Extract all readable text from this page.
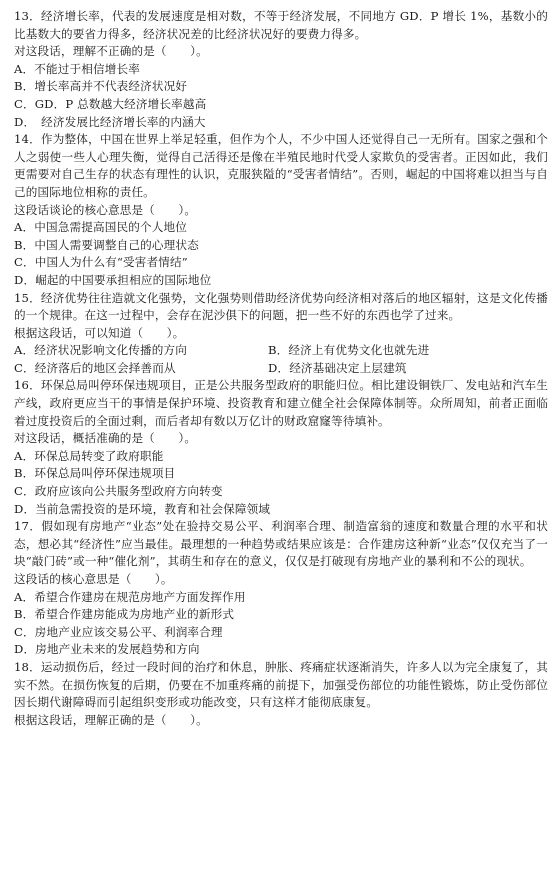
13．经济增长率，代表的发展速度是相对数，不等于经济发展，不同地方 GD．P 增长 1%，基数小的比基数大的要省力得多，经济状况差的比经济状况好的要费力得多。

对这段话，理解不正确的是（　　）。

A．不能过于相信增长率

B．增长率高并不代表经济状况好

C．GD．P 总数越大经济增长率越高

D．　经济发展比经济增长率的内涵大

14．作为整体，中国在世界上举足轻重，但作为个人，不少中国人还觉得自己一无所有。国家之强和个人之弱使一些人心理失衡，觉得自己活得还是像在半殖民地时代受人家欺负的受害者。正因如此，我们更需要对自己生存的状态有理性的认识，克服狭隘的“受害者情结”。否则，崛起的中国将难以担当与自己的国际地位相称的责任。

这段话谈论的核心意思是（　　）。

A．中国急需提高国民的个人地位

B．中国人需要调整自己的心理状态

C．中国人为什么有“受害者情结”

D．崛起的中国要承担相应的国际地位

15．经济优势往往造就文化强势，文化强势则借助经济优势向经济相对落后的地区辐射，这是文化传播的一个规律。在这一过程中，会存在泥沙俱下的问题，把一些不好的东西也学了过来。

根据这段话，可以知道（　　）。

A．经济状况影响文化传播的方向	B．经济上有优势文化也就先进

C．经济落后的地区会择善而从	D．经济基础决定上层建筑

16．环保总局叫停环保违规项目，正是公共服务型政府的职能归位。相比建设铜铁厂、发电站和汽车生产线，政府更应当干的事情是保护环境、投资教育和建立健全社会保障体制等。众所周知，前者正面临着过度投资后的全面过剩，而后者却有数以万亿计的财政窟窿等待填补。

对这段话，概括准确的是（　　）。

A．环保总局转变了政府职能

B．环保总局叫停环保违规项目

C．政府应该向公共服务型政府方向转变

D．当前急需投资的是环境，教育和社会保障领域

17．假如现有房地产“业态”处在验持交易公平、利润率合理、制造富翁的速度和数量合理的水平和状态，想必其“经济性”应当最佳。最理想的一种趋势或结果应该是：合作建房这种新“业态”仅仅充当了一块“敲门砖”或一种“催化剂”，其萌生和存在的意义，仅仅是打破现有房地产业的暴利和不公的现状。

这段话的核心意思是（　　）。

A．希望合作建房在规范房地产方面发挥作用

B．希望合作建房能成为房地产业的新形式

C．房地产业应该交易公平、利润率合理

D．房地产业未来的发展趋势和方向

18．运动损伤后，经过一段时间的治疗和休息，肿胀、疼痛症状逐渐消失，许多人以为完全康复了，其实不然。在损伤恢复的后期，仍要在不加重疼痛的前提下，加强受伤部位的功能性锻炼，防止受伤部位因长期代谢障碍而引起组织变形或功能改变，只有这样才能彻底康复。

根据这段话，理解正确的是（　　）。
